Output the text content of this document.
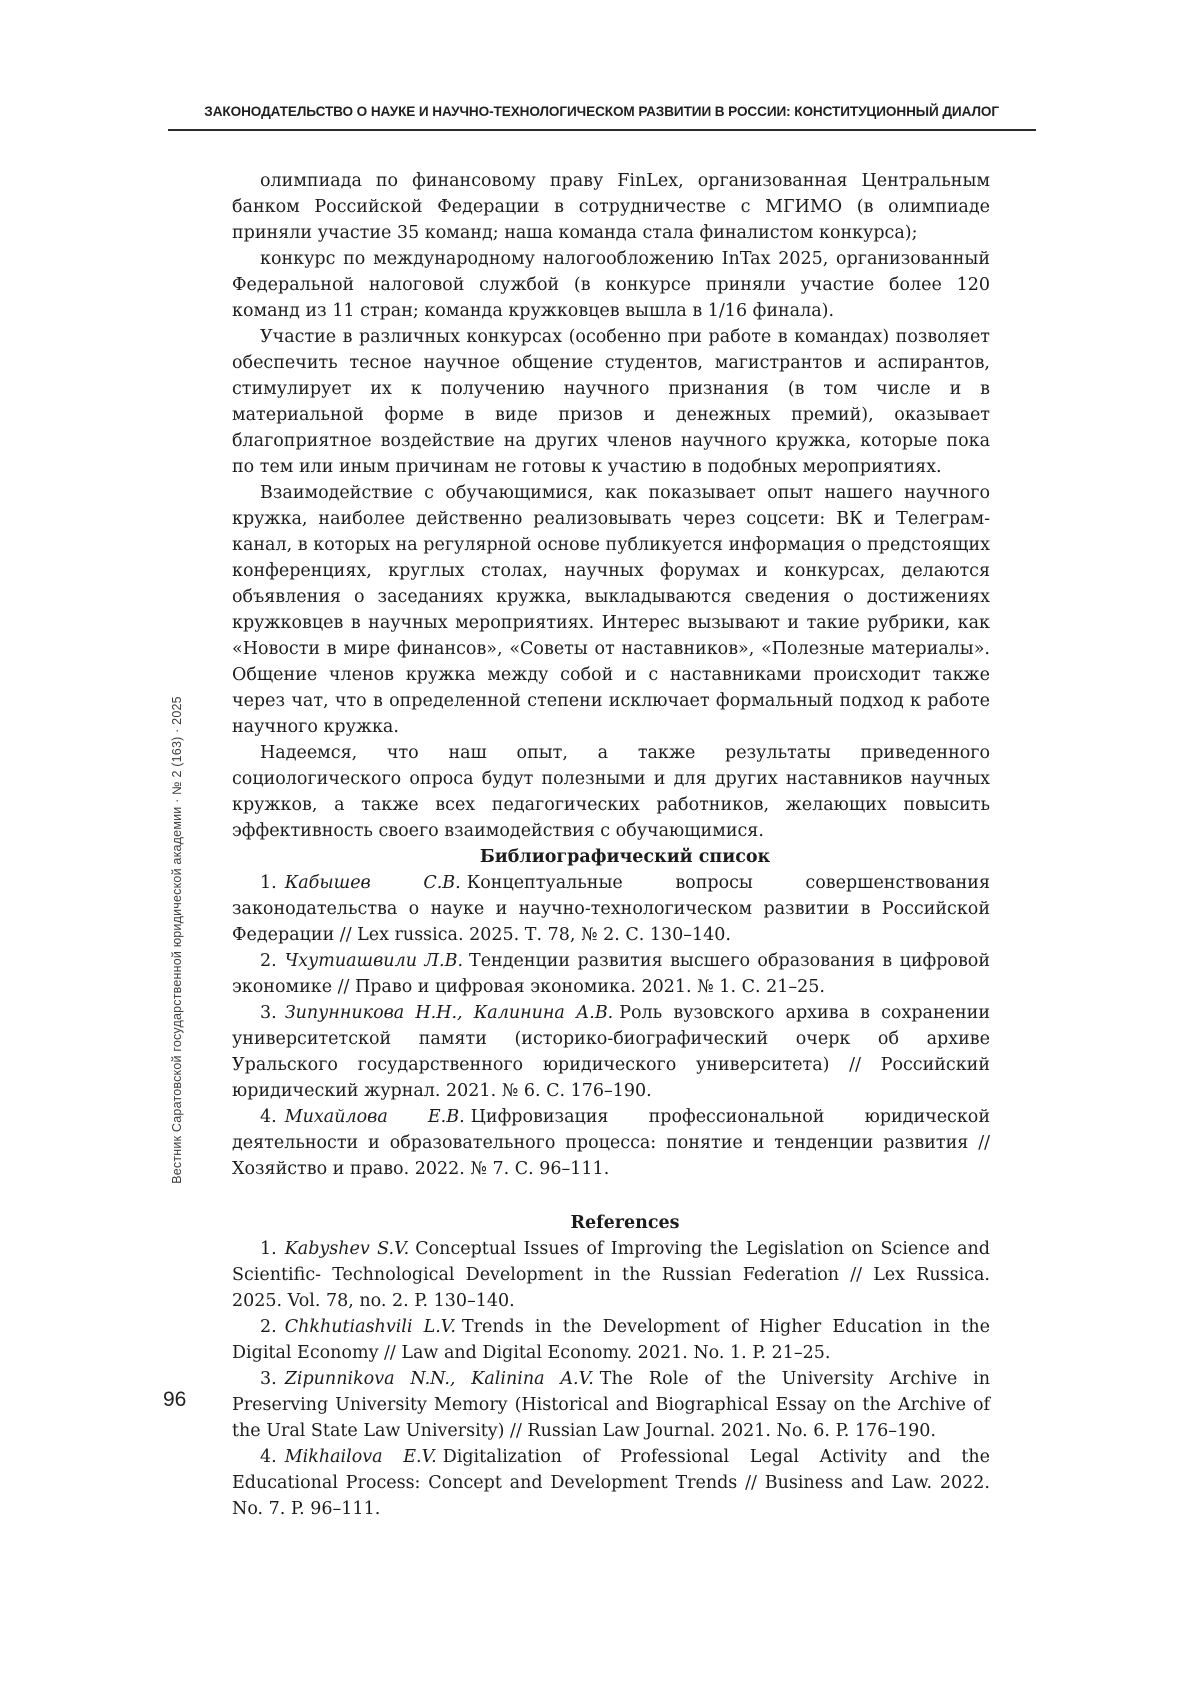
ЗАКОНОДАТЕЛЬСТВО О НАУКЕ И НАУЧНО-ТЕХНОЛОГИЧЕСКОМ РАЗВИТИИ В РОССИИ: КОНСТИТУЦИОННЫЙ ДИАЛОГ
Вестник Саратовской государственной юридической академии · № 2 (163) · 2025
96

олимпиада по финансовому праву FinLex, организованная Центральным банком Российской Федерации в сотрудничестве с МГИМО (в олимпиаде приняли участие 35 команд; наша команда стала финалистом конкурса);

конкурс по международному налогообложению InTax 2025, организованный Федеральной налоговой службой (в конкурсе приняли участие более 120 команд из 11 стран; команда кружковцев вышла в 1/16 финала).

Участие в различных конкурсах (особенно при работе в командах) позволяет обеспечить тесное научное общение студентов, магистрантов и аспирантов, стимулирует их к получению научного признания (в том числе и в материальной форме в виде призов и денежных премий), оказывает благоприятное воздействие на других членов научного кружка, которые пока по тем или иным причинам не готовы к участию в подобных мероприятиях.

Взаимодействие с обучающимися, как показывает опыт нашего научного кружка, наиболее действенно реализовывать через соцсети: ВК и Телеграм-канал, в которых на регулярной основе публикуется информация о предстоящих конференциях, круглых столах, научных форумах и конкурсах, делаются объявления о заседаниях кружка, выкладываются сведения о достижениях кружковцев в научных мероприятиях. Интерес вызывают и такие рубрики, как «Новости в мире финансов», «Советы от наставников», «Полезные материалы». Общение членов кружка между собой и с наставниками происходит также через чат, что в определенной степени исключает формальный подход к работе научного кружка.

Надеемся, что наш опыт, а также результаты приведенного социологического опроса будут полезными и для других наставников научных кружков, а также всех педагогических работников, желающих повысить эффективность своего взаимодействия с обучающимися.

Библиографический список

1. Кабышев С.В. Концептуальные вопросы совершенствования законодательства о науке и научно-технологическом развитии в Российской Федерации // Lex russica. 2025. Т. 78, № 2. С. 130–140.

2. Чхутиашвили Л.В. Тенденции развития высшего образования в цифровой экономике // Право и цифровая экономика. 2021. № 1. С. 21–25.

3. Зипунникова Н.Н., Калинина А.В. Роль вузовского архива в сохранении университетской памяти (историко-биографический очерк об архиве Уральского государственного юридического университета) // Российский юридический журнал. 2021. № 6. С. 176–190.

4. Михайлова Е.В. Цифровизация профессиональной юридической деятельности и образовательного процесса: понятие и тенденции развития // Хозяйство и право. 2022. № 7. С. 96–111.

References

1. Kabyshev S.V. Conceptual Issues of Improving the Legislation on Science and Scientific- Technological Development in the Russian Federation // Lex Russica. 2025. Vol. 78, no. 2. P. 130–140.

2. Chkhutiashvili L.V. Trends in the Development of Higher Education in the Digital Economy // Law and Digital Economy. 2021. No. 1. P. 21–25.

3. Zipunnikova N.N., Kalinina A.V. The Role of the University Archive in Preserving University Memory (Historical and Biographical Essay on the Archive of the Ural State Law University) // Russian Law Journal. 2021. No. 6. P. 176–190.

4. Mikhailova E.V. Digitalization of Professional Legal Activity and the Educational Process: Concept and Development Trends // Business and Law. 2022. No. 7. P. 96–111.
